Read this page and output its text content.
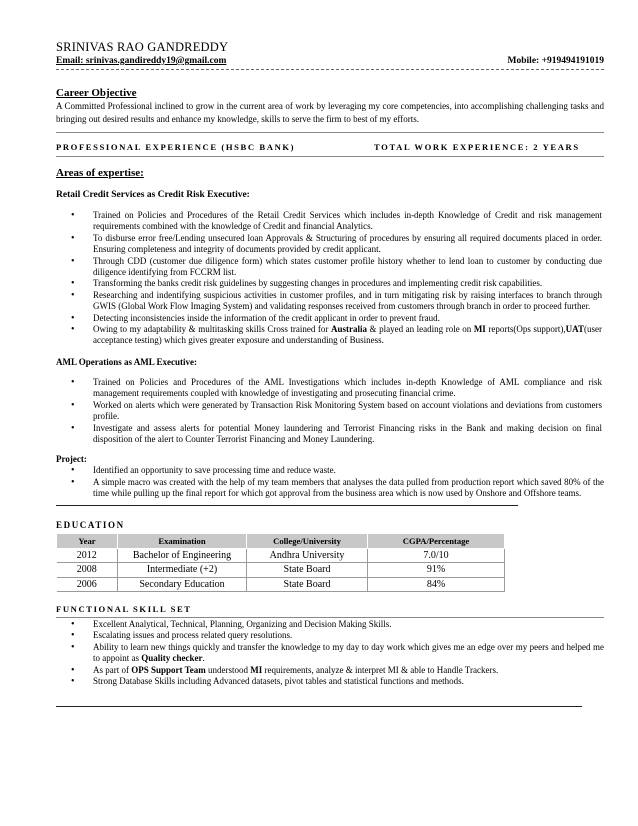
SRINIVAS RAO GANDREDDY
Email: srinivas.gandireddy19@gmail.com	Mobile: +919494191019
Career Objective
A Committed Professional inclined to grow in the current area of work by leveraging my core competencies, into accomplishing challenging tasks and bringing out desired results and enhance my knowledge, skills to serve the firm to best of my efforts.
PROFESSIONAL EXPERIENCE (HSBC BANK)	TOTAL WORK EXPERIENCE: 2 YEARS
Areas of expertise:
Retail Credit Services as Credit Risk Executive:
• Trained on Policies and Procedures of the Retail Credit Services which includes in-depth Knowledge of Credit and risk management requirements combined with the knowledge of Credit and financial Analytics.
• To disburse error free/Lending unsecured loan Approvals & Structuring of procedures by ensuring all required documents placed in order. Ensuring completeness and integrity of documents provided by credit applicant.
• Through CDD (customer due diligence form) which states customer profile history whether to lend loan to customer by conducting due diligence identifying from FCCRM list.
• Transforming the banks credit risk guidelines by suggesting changes in procedures and implementing credit risk capabilities.
• Researching and indentifying suspicious activities in customer profiles, and in turn mitigating risk by raising interfaces to branch through GWIS (Global Work Flow Imaging System) and validating responses received from customers through branch in order to proceed further.
• Detecting inconsistencies inside the information of the credit applicant in order to prevent fraud.
• Owing to my adaptability & multitasking skills Cross trained for Australia & played an leading role on MI reports(Ops support),UAT(user acceptance testing) which gives greater exposure and understanding of Business.
AML Operations as AML Executive:
• Trained on Policies and Procedures of the AML Investigations which includes in-depth Knowledge of AML compliance and risk management requirements coupled with knowledge of investigating and prosecuting financial crime.
• Worked on alerts which were generated by Transaction Risk Monitoring System based on account violations and deviations from customers profile.
• Investigate and assess alerts for potential Money laundering and Terrorist Financing risks in the Bank and making decision on final disposition of the alert to Counter Terrorist Financing and Money Laundering.
Project:
• Identified an opportunity to save processing time and reduce waste.
• A simple macro was created with the help of my team members that analyses the data pulled from production report which saved 80% of the time while pulling up the final report for which got approval from the business area which is now used by Onshore and Offshore teams.
EDUCATION
Year	Examination	College/University	CGPA/Percentage
2012	Bachelor of Engineering	Andhra University	7.0/10
2008	Intermediate (+2)	State Board	91%
2006	Secondary Education	State Board	84%
FUNCTIONAL SKILL SET
• Excellent Analytical, Technical, Planning, Organizing and Decision Making Skills.
• Escalating issues and process related query resolutions.
• Ability to learn new things quickly and transfer the knowledge to my day to day work which gives me an edge over my peers and helped me to appoint as Quality checker.
• As part of OPS Support Team understood MI requirements, analyze & interpret MI & able to Handle Trackers.
• Strong Database Skills including Advanced datasets, pivot tables and statistical functions and methods.
